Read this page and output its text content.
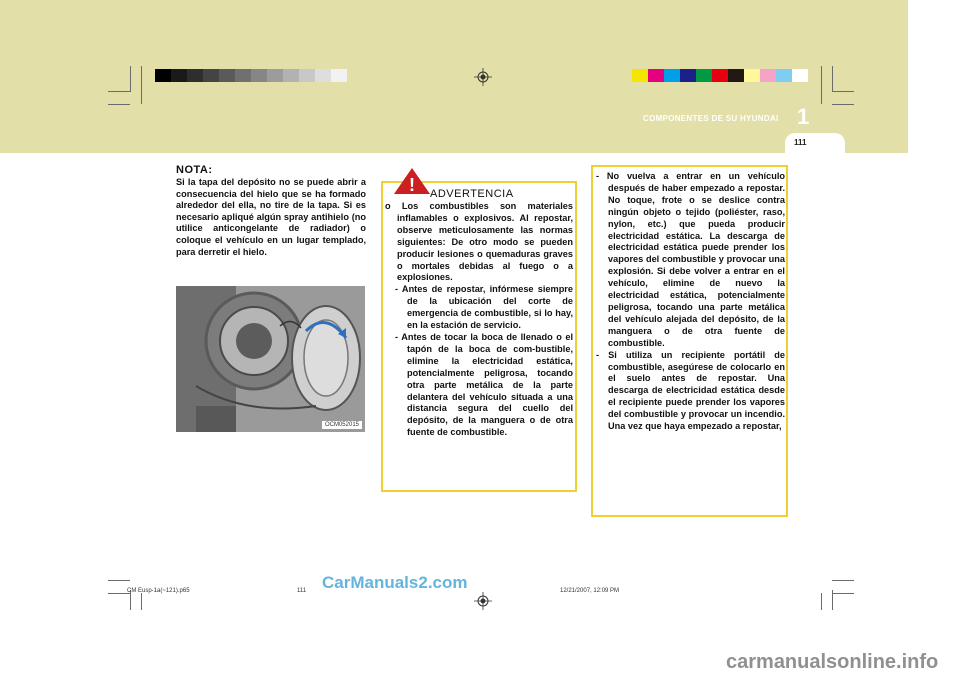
COMPONENTES DE SU HYUNDAI 1
111
NOTA:
Si la tapa del depósito no se puede abrir a consecuencia del hielo que se ha formado alrededor del ella, no tire de la tapa. Si es necesario apliqué algún spray antihielo (no utilice anticongelante de radiador) o coloque el vehículo en un lugar templado, para derretir el hielo.
OCM052015
! ADVERTENCIA
o Los combustibles son materiales inflamables o explosivos. Al repostar, observe meticulosamente las normas siguientes: De otro modo se pueden producir lesiones o quemaduras graves o mortales debidas al fuego o a explosiones.
- Antes de repostar, infórmese siempre de la ubicación del corte de emergencia de combustible, si lo hay, en la estación de servicio.
- Antes de tocar la boca de llenado o el tapón de la boca de com-bustible, elimine la electricidad estática, potencialmente peligrosa, tocando otra parte metálica de la parte delantera del vehículo situada a una distancia segura del cuello del depósito, de la manguera o de otra fuente de combustible.

- No vuelva a entrar en un vehículo después de haber empezado a repostar. No toque, frote o se deslice contra ningún objeto o tejido (poliéster, raso, nylon, etc.) que pueda producir electricidad estática. La descarga de electricidad estática puede prender los vapores del combustible y provocar una explosión. Si debe volver a entrar en el vehículo, elimine de nuevo la electricidad estática, potencialmente peligrosa, tocando una parte metálica del vehículo alejada del depósito, de la manguera o de otra fuente de combustible.

- Si utiliza un recipiente portátil de combustible, asegúrese de colocarlo en el suelo antes de repostar. Una descarga de electricidad estática desde el recipiente puede prender los vapores del combustible y provocar un incendio. Una vez que haya empezado a repostar,

CM Eusp-1a(~121).p65	111	12/21/2007, 12:09 PM
CarManuals2.com
carmanualsonline.info
